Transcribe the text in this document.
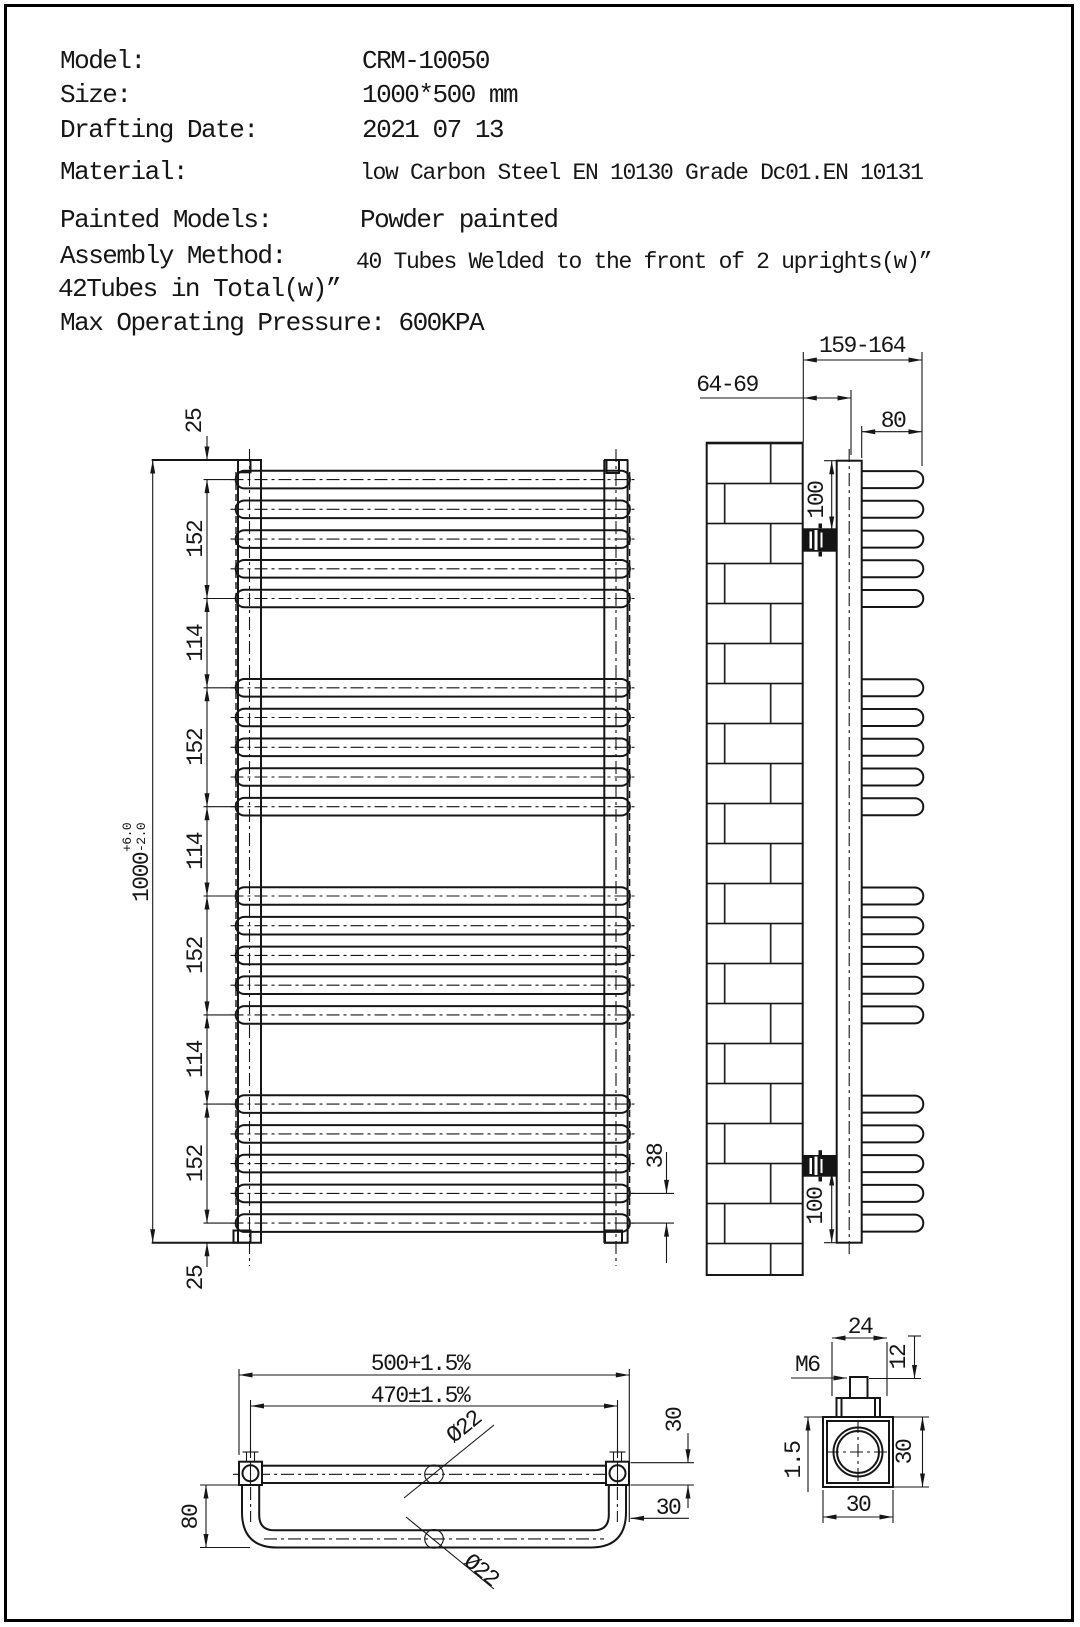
Model:	CRM-10050
Size:	1000*500 mm
Drafting Date:	2021 07 13
Material:	low Carbon Steel EN 10130 Grade Dc01.EN 10131
Painted Models:	Powder painted
Assembly Method:	40 Tubes Welded to the front of 2 uprights(w)”
42Tubes in Total(w)”
Max Operating Pressure: 600KPA
1000
+6.0 -2.0
25
152
114
152
114
152
114
152
25
38
159-164
64-69
80
100
100
Ø22
Ø22
500+1.5%
470±1.5%
80
30
30
24
12
M6
1.5	30
30
